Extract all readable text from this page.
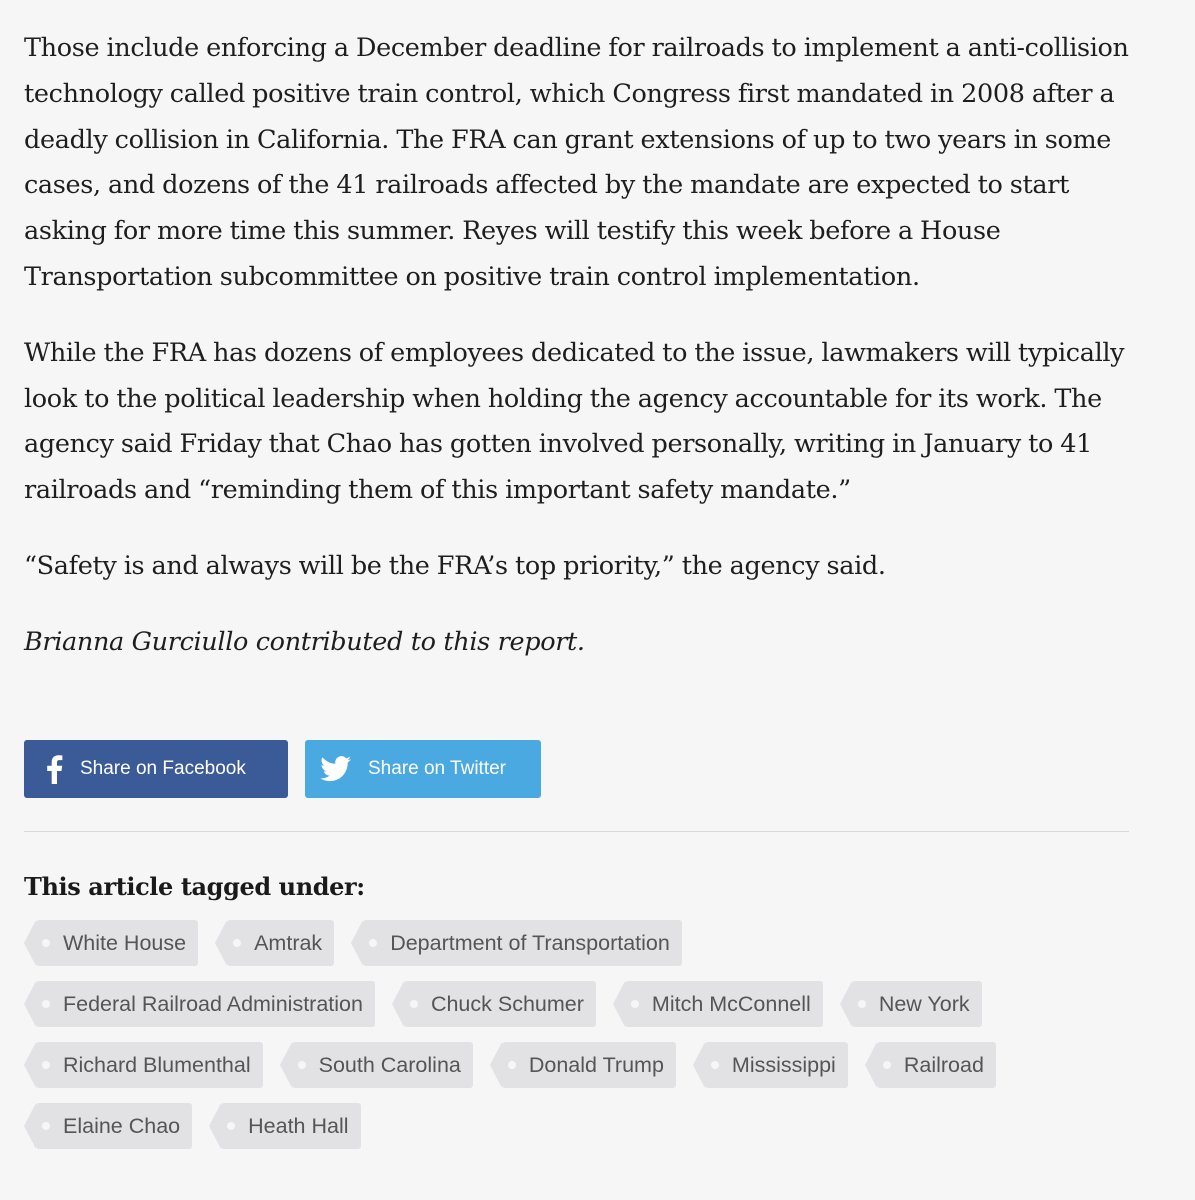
Those include enforcing a December deadline for railroads to implement a anti-collision technology called positive train control, which Congress first mandated in 2008 after a deadly collision in California. The FRA can grant extensions of up to two years in some cases, and dozens of the 41 railroads affected by the mandate are expected to start asking for more time this summer. Reyes will testify this week before a House Transportation subcommittee on positive train control implementation.

While the FRA has dozens of employees dedicated to the issue, lawmakers will typically look to the political leadership when holding the agency accountable for its work. The agency said Friday that Chao has gotten involved personally, writing in January to 41 railroads and “reminding them of this important safety mandate.”

“Safety is and always will be the FRA’s top priority,” the agency said.

Brianna Gurciullo contributed to this report.

Share on Facebook	Share on Twitter
This article tagged under:
White House	Amtrak	Department of Transportation
Federal Railroad Administration	Chuck Schumer	Mitch McConnell	New York
Richard Blumenthal	South Carolina	Donald Trump	Mississippi	Railroad
Elaine Chao	Heath Hall
